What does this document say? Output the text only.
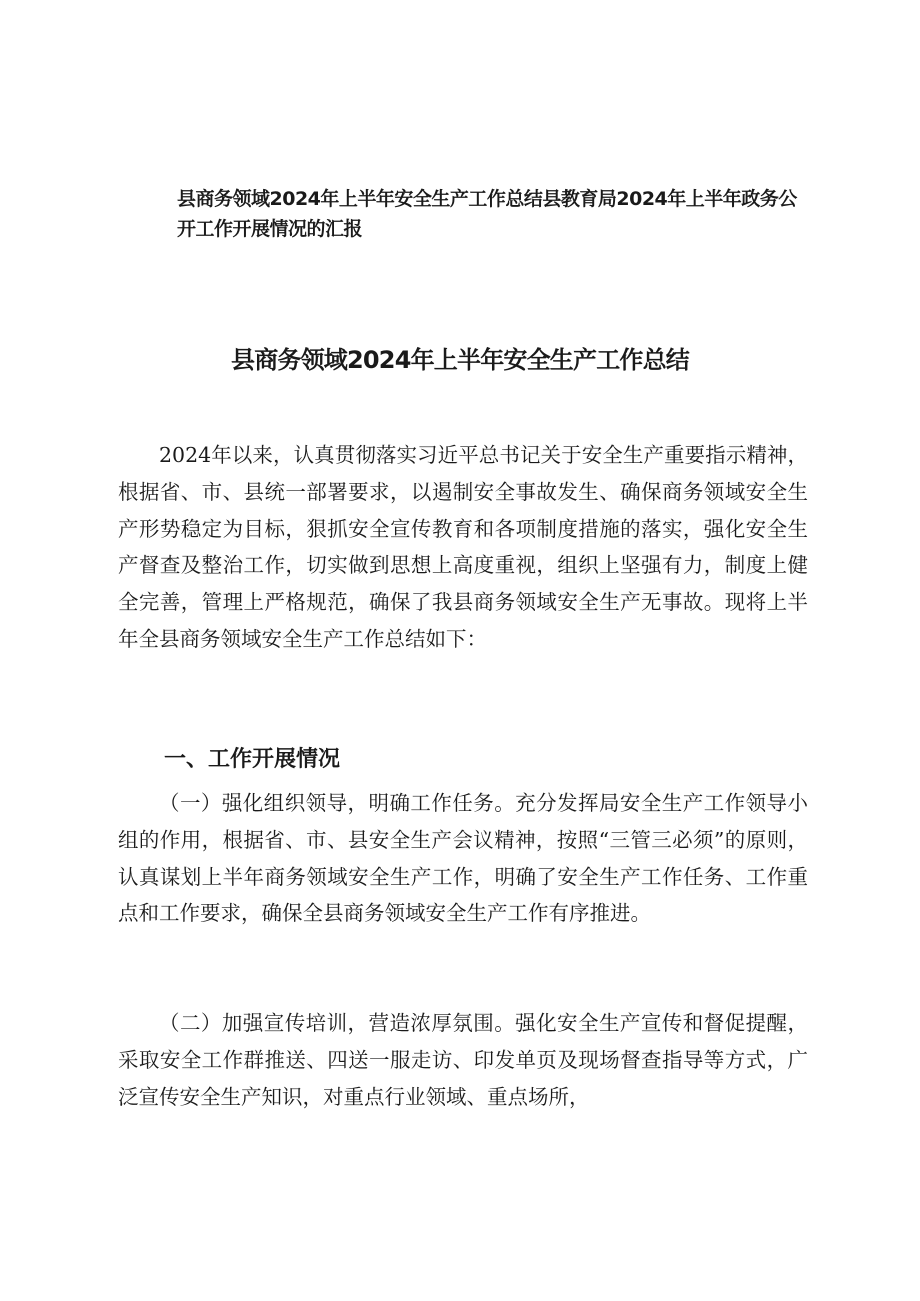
县商务领域2024年上半年安全生产工作总结县教育局2024年上半年政务公开工作开展情况的汇报

县商务领域2024年上半年安全生产工作总结

2024年以来，认真贯彻落实习近平总书记关于安全生产重要指示精神，根据省、市、县统一部署要求，以遏制安全事故发生、确保商务领域安全生产形势稳定为目标，狠抓安全宣传教育和各项制度措施的落实，强化安全生产督查及整治工作，切实做到思想上高度重视，组织上坚强有力，制度上健全完善，管理上严格规范，确保了我县商务领域安全生产无事故。现将上半年全县商务领域安全生产工作总结如下：

一、工作开展情况

（一）强化组织领导，明确工作任务。充分发挥局安全生产工作领导小组的作用，根据省、市、县安全生产会议精神，按照“三管三必须”的原则，认真谋划上半年商务领域安全生产工作，明确了安全生产工作任务、工作重点和工作要求，确保全县商务领域安全生产工作有序推进。

（二）加强宣传培训，营造浓厚氛围。强化安全生产宣传和督促提醒，采取安全工作群推送、四送一服走访、印发单页及现场督查指导等方式，广泛宣传安全生产知识，对重点行业领域、重点场所，
